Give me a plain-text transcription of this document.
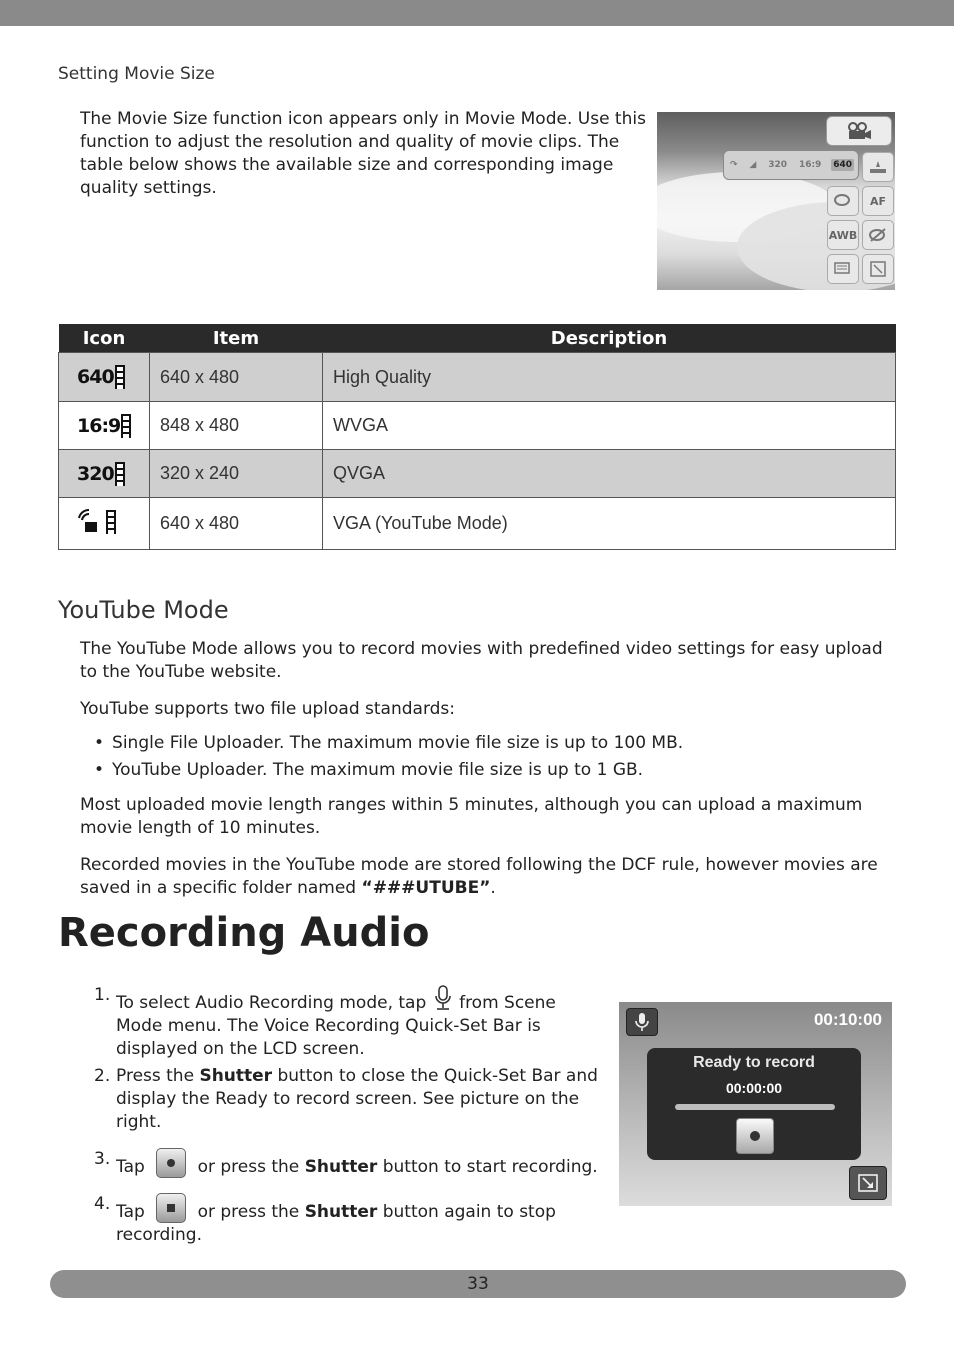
Setting Movie Size

The Movie Size function icon appears only in Movie Mode. Use this function to adjust the resolution and quality of movie clips. The table below shows the available size and corresponding image quality settings.

↷ ◢ 320 16:9 640
AF
AWB
Icon	Item	Description

640	640 x 480	High Quality

16:9	848 x 480	WVGA

320	320 x 240	QVGA

	640 x 480	VGA (YouTube Mode)
YouTube Mode

The YouTube Mode allows you to record movies with predefined video settings for easy upload to the YouTube website.

YouTube supports two file upload standards:

• Single File Uploader. The maximum movie file size is up to 100 MB.
• YouTube Uploader. The maximum movie file size is up to 1 GB.

Most uploaded movie length ranges within 5 minutes, although you can upload a maximum movie length of 10 minutes.

Recorded movies in the YouTube mode are stored following the DCF rule, however movies are saved in a specific folder named “###UTUBE”.

Recording Audio
1. To select Audio Recording mode, tap from Scene Mode menu. The Voice Recording Quick-Set Bar is displayed on the LCD screen.
2. Press the Shutter button to close the Quick-Set Bar and display the Ready to record screen. See picture on the right.
3. Tap	or press the Shutter button to start recording.
4. Tap	or press the Shutter button again to stop recording.
00:10:00
Ready to record
00:00:00
33
